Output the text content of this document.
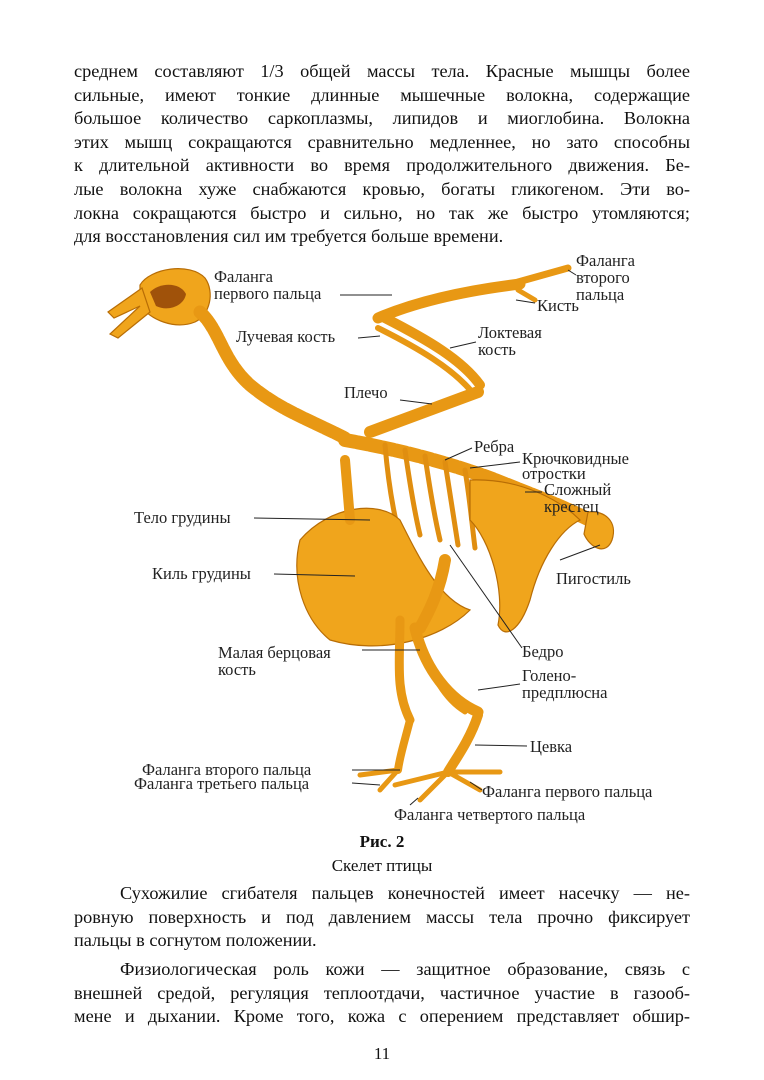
среднем составляют 1/3 общей массы тела. Красные мышцы более
сильные, имеют тонкие длинные мышечные волокна, содержащие
большое количество саркоплазмы, липидов и миоглобина. Волокна
этих мышц сокращаются сравнительно медленнее, но зато способны
к длительной активности во время продолжительного движения. Бе-
лые волокна хуже снабжаются кровью, богаты гликогеном. Эти во-
локна сокращаются быстро и сильно, но так же быстро утомляются;
для восстановления сил им требуется больше времени.
Фаланга
первого пальца
Лучевая кость
Плечо
Фаланга
второго
пальца
Кисть
Локтевая
кость
Ребра
Крючковидные
отростки
Сложный
крестец
Тело грудины
Киль грудины	Пигостиль
Малая берцовая
кость
Бедро
Голено-
предплюсна
Цевка
Фаланга второго пальца
Фаланга третьего пальца	Фаланга первого пальца
Фаланга четвертого пальца
Рис. 2
Скелет птицы
Сухожилие сгибателя пальцев конечностей имеет насечку — не-
ровную поверхность и под давлением массы тела прочно фиксирует
пальцы в согнутом положении.
Физиологическая роль кожи — защитное образование, связь с
внешней средой, регуляция теплоотдачи, частичное участие в газооб-
мене и дыхании. Кроме того, кожа с оперением представляет обшир-
11
